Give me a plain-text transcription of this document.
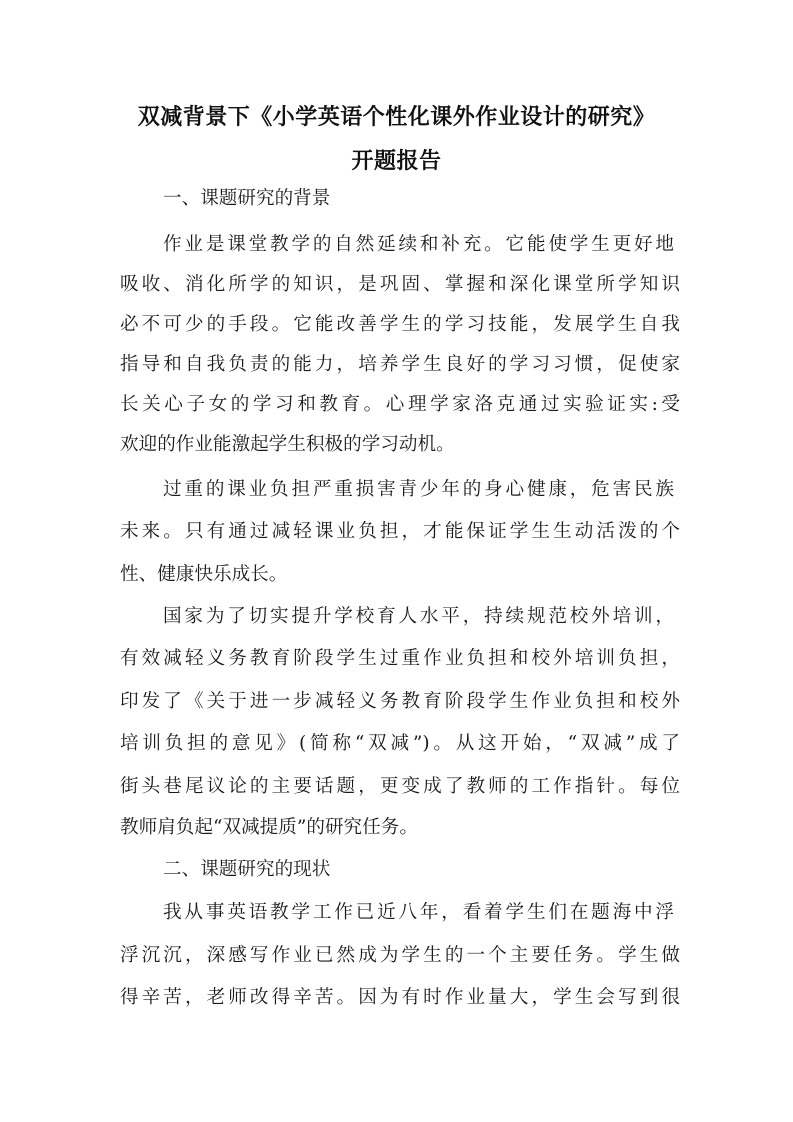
双减背景下《小学英语个性化课外作业设计的研究》
开题报告
一、课题研究的背景
作业是课堂教学的自然延续和补充。它能使学生更好地
吸收、消化所学的知识，是巩固、掌握和深化课堂所学知识
必不可少的手段。它能改善学生的学习技能，发展学生自我
指导和自我负责的能力，培养学生良好的学习习惯，促使家
长关心子女的学习和教育。心理学家洛克通过实验证实:受
欢迎的作业能激起学生积极的学习动机。
过重的课业负担严重损害青少年的身心健康，危害民族
未来。只有通过减轻课业负担，才能保证学生生动活泼的个
性、健康快乐成长。
国家为了切实提升学校育人水平，持续规范校外培训，
有效减轻义务教育阶段学生过重作业负担和校外培训负担，
印发了《关于进一步减轻义务教育阶段学生作业负担和校外
培训负担的意见》(简称“双减”)。从这开始，“双减”成了
街头巷尾议论的主要话题，更变成了教师的工作指针。每位
教师肩负起“双减提质”的研究任务。
二、课题研究的现状
我从事英语教学工作已近八年，看着学生们在题海中浮
浮沉沉，深感写作业已然成为学生的一个主要任务。学生做
得辛苦，老师改得辛苦。因为有时作业量大，学生会写到很
